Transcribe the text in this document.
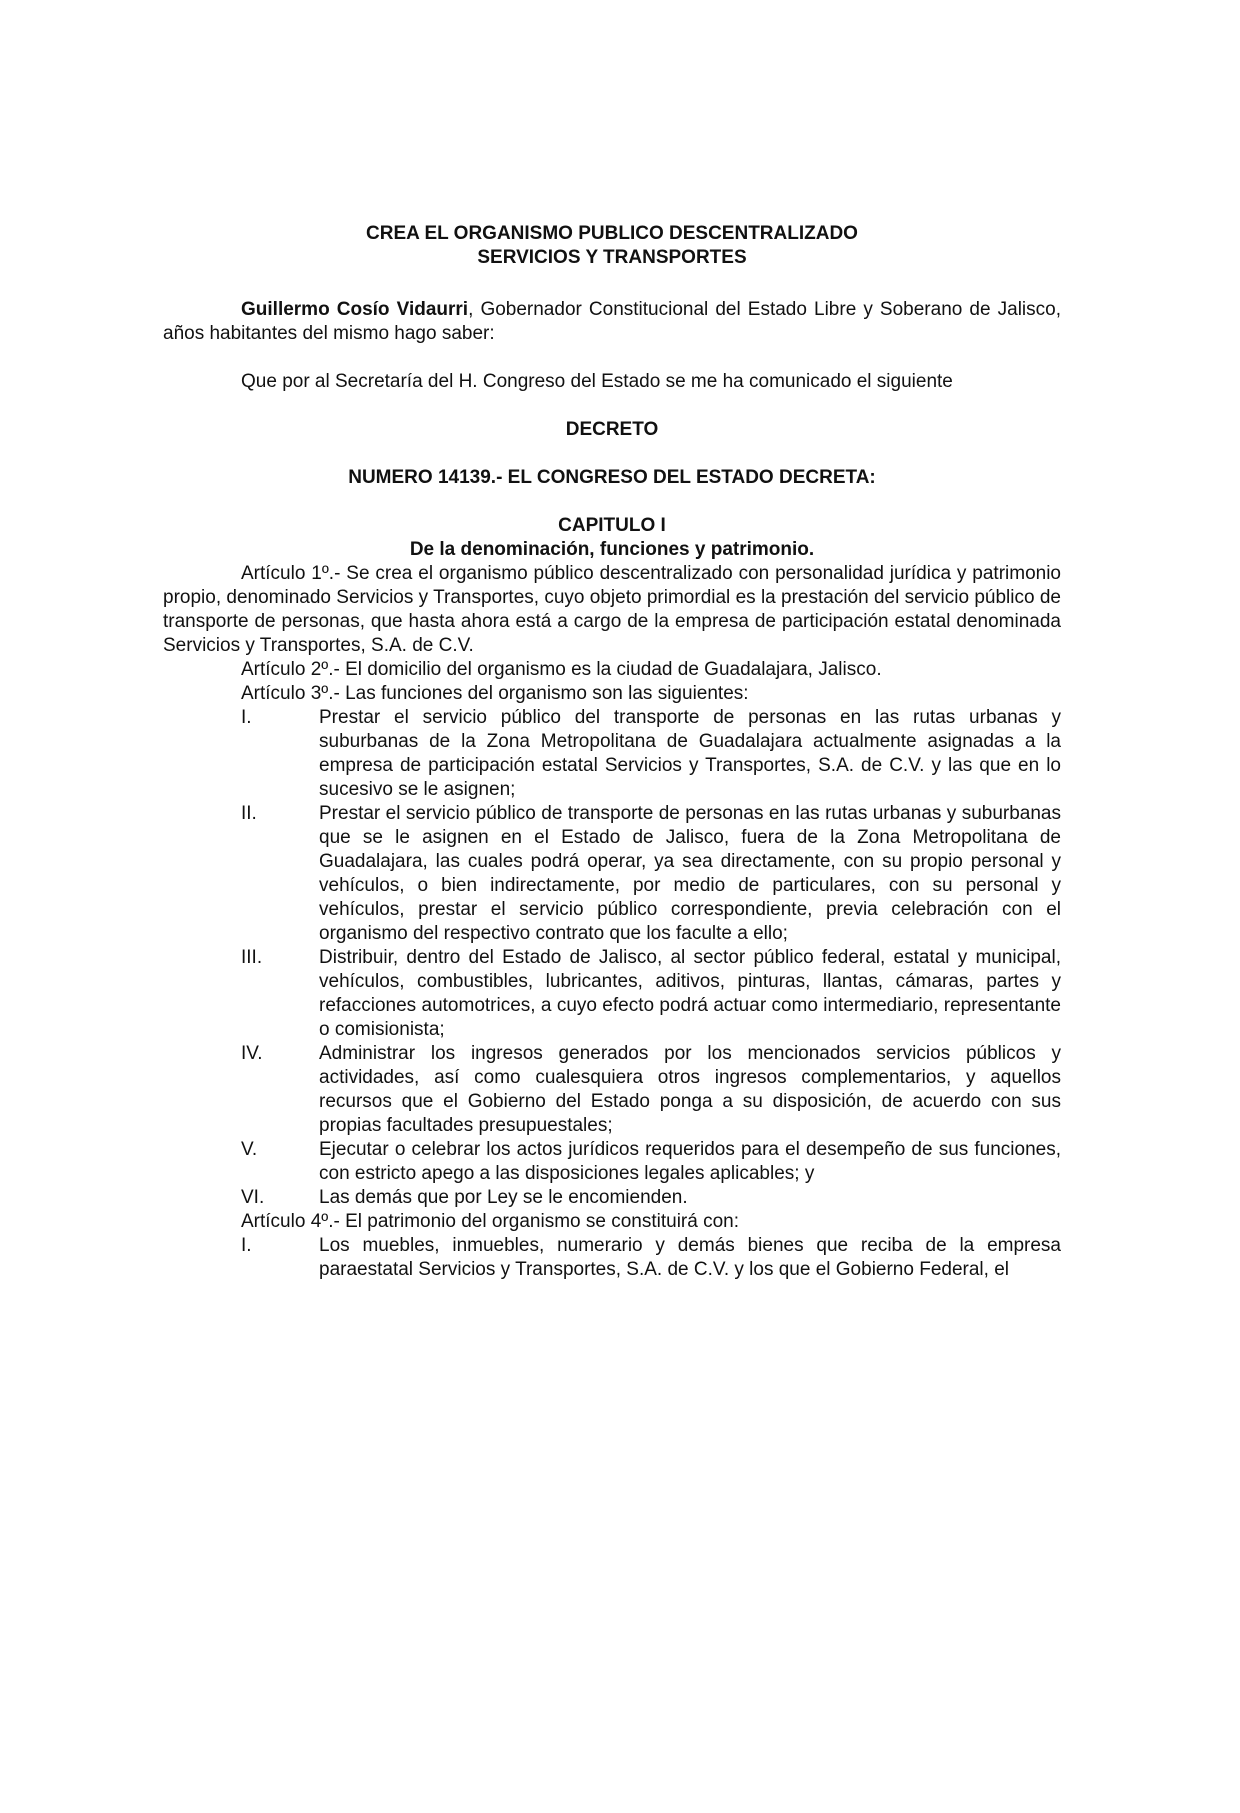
CREA EL ORGANISMO PUBLICO DESCENTRALIZADO

SERVICIOS Y TRANSPORTES

Guillermo Cosío Vidaurri, Gobernador Constitucional del Estado Libre y Soberano de Jalisco, años habitantes del mismo hago saber:

Que por al Secretaría del H. Congreso del Estado se me ha comunicado el siguiente

DECRETO

NUMERO 14139.- EL CONGRESO DEL ESTADO DECRETA:

CAPITULO I

De la denominación, funciones y patrimonio.

Artículo 1º.- Se crea el organismo público descentralizado con personalidad jurídica y patrimonio propio, denominado Servicios y Transportes, cuyo objeto primordial es la prestación del servicio público de transporte de personas, que hasta ahora está a cargo de la empresa de participación estatal denominada Servicios y Transportes, S.A. de C.V.

Artículo 2º.- El domicilio del organismo es la ciudad de Guadalajara, Jalisco.

Artículo 3º.- Las funciones del organismo son las siguientes:

I.	Prestar el servicio público del transporte de personas en las rutas urbanas y suburbanas de la Zona Metropolitana de Guadalajara actualmente asignadas a la empresa de participación estatal Servicios y Transportes, S.A. de C.V. y las que en lo sucesivo se le asignen;
II.	Prestar el servicio público de transporte de personas en las rutas urbanas y suburbanas que se le asignen en el Estado de Jalisco, fuera de la Zona Metropolitana de Guadalajara, las cuales podrá operar, ya sea directamente, con su propio personal y vehículos, o bien indirectamente, por medio de particulares, con su personal y vehículos, prestar el servicio público correspondiente, previa celebración con el organismo del respectivo contrato que los faculte a ello;
III.	Distribuir, dentro del Estado de Jalisco, al sector público federal, estatal y municipal, vehículos, combustibles, lubricantes, aditivos, pinturas, llantas, cámaras, partes y refacciones automotrices, a cuyo efecto podrá actuar como intermediario, representante o comisionista;
IV.	Administrar los ingresos generados por los mencionados servicios públicos y actividades, así como cualesquiera otros ingresos complementarios, y aquellos recursos que el Gobierno del Estado ponga a su disposición, de acuerdo con sus propias facultades presupuestales;
V.	Ejecutar o celebrar los actos jurídicos requeridos para el desempeño de sus funciones, con estricto apego a las disposiciones legales aplicables; y
VI.	Las demás que por Ley se le encomienden.

Artículo 4º.- El patrimonio del organismo se constituirá con:

I.	Los muebles, inmuebles, numerario y demás bienes que reciba de la empresa paraestatal Servicios y Transportes, S.A. de C.V. y los que el Gobierno Federal, el
